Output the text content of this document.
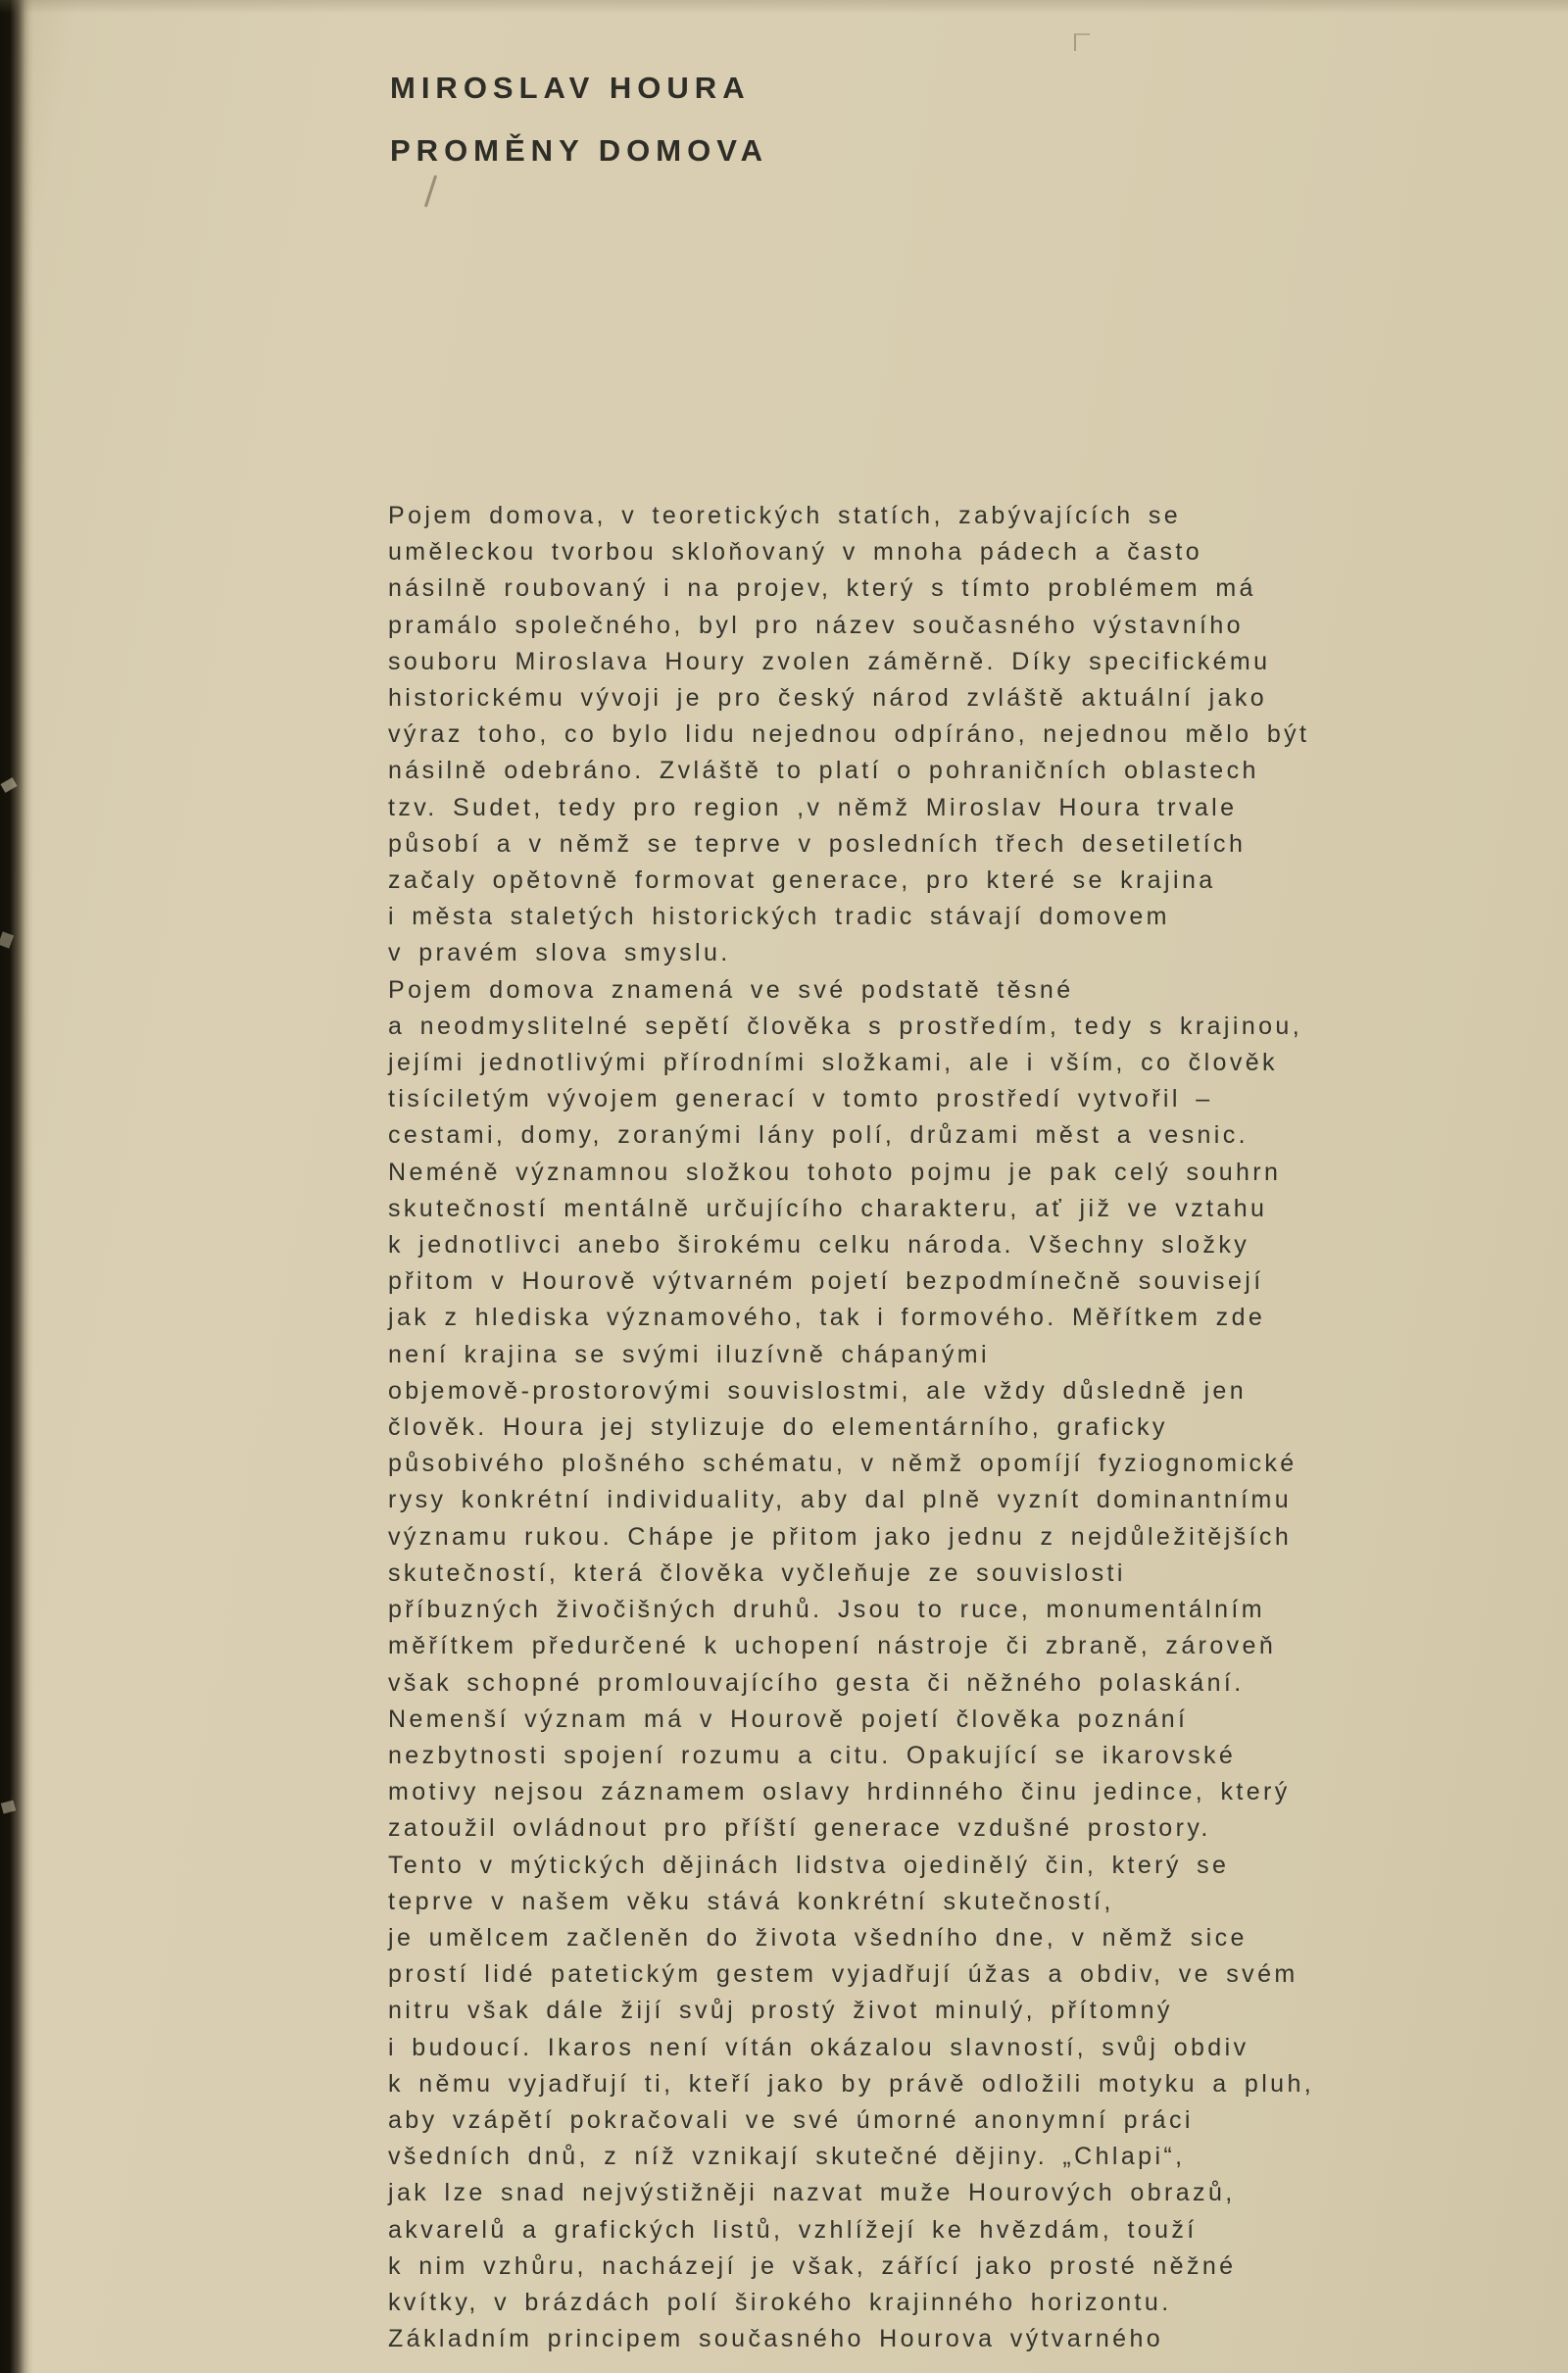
MIROSLAV HOURA
PROMĚNY DOMOVA
Pojem domova, v teoretických statích, zabývajících se
uměleckou tvorbou skloňovaný v mnoha pádech a často
násilně roubovaný i na projev, který s tímto problémem má
pramálo společného, byl pro název současného výstavního
souboru Miroslava Houry zvolen záměrně. Díky specifickému
historickému vývoji je pro český národ zvláště aktuální jako
výraz toho, co bylo lidu nejednou odpíráno, nejednou mělo být
násilně odebráno. Zvláště to platí o pohraničních oblastech
tzv. Sudet, tedy pro region ,v němž Miroslav Houra trvale
působí a v němž se teprve v posledních třech desetiletích
začaly opětovně formovat generace, pro které se krajina
i města staletých historických tradic stávají domovem
v pravém slova smyslu.
Pojem domova znamená ve své podstatě těsné
a neodmyslitelné sepětí člověka s prostředím, tedy s krajinou,
jejími jednotlivými přírodními složkami, ale i vším, co člověk
tisíciletým vývojem generací v tomto prostředí vytvořil –
cestami, domy, zoranými lány polí, drůzami měst a vesnic.
Neméně významnou složkou tohoto pojmu je pak celý souhrn
skutečností mentálně určujícího charakteru, ať již ve vztahu
k jednotlivci anebo širokému celku národa. Všechny složky
přitom v Hourově výtvarném pojetí bezpodmínečně souvisejí
jak z hlediska významového, tak i formového. Měřítkem zde
není krajina se svými iluzívně chápanými
objemově-prostorovými souvislostmi, ale vždy důsledně jen
člověk. Houra jej stylizuje do elementárního, graficky
působivého plošného schématu, v němž opomíjí fyziognomické
rysy konkrétní individuality, aby dal plně vyznít dominantnímu
významu rukou. Chápe je přitom jako jednu z nejdůležitějších
skutečností, která člověka vyčleňuje ze souvislosti
příbuzných živočišných druhů. Jsou to ruce, monumentálním
měřítkem předurčené k uchopení nástroje či zbraně, zároveň
však schopné promlouvajícího gesta či něžného polaskání.
Nemenší význam má v Hourově pojetí člověka poznání
nezbytnosti spojení rozumu a citu. Opakující se ikarovské
motivy nejsou záznamem oslavy hrdinného činu jedince, který
zatoužil ovládnout pro příští generace vzdušné prostory.
Tento v mýtických dějinách lidstva ojedinělý čin, který se
teprve v našem věku stává konkrétní skutečností,
je umělcem začleněn do života všedního dne, v němž sice
prostí lidé patetickým gestem vyjadřují úžas a obdiv, ve svém
nitru však dále žijí svůj prostý život minulý, přítomný
i budoucí. Ikaros není vítán okázalou slavností, svůj obdiv
k němu vyjadřují ti, kteří jako by právě odložili motyku a pluh,
aby vzápětí pokračovali ve své úmorné anonymní práci
všedních dnů, z níž vznikají skutečné dějiny. „Chlapi“,
jak lze snad nejvýstižněji nazvat muže Hourových obrazů,
akvarelů a grafických listů, vzhlížejí ke hvězdám, touží
k nim vzhůru, nacházejí je však, zářící jako prosté něžné
kvítky, v brázdách polí širokého krajinného horizontu.
Základním principem současného Hourova výtvarného
